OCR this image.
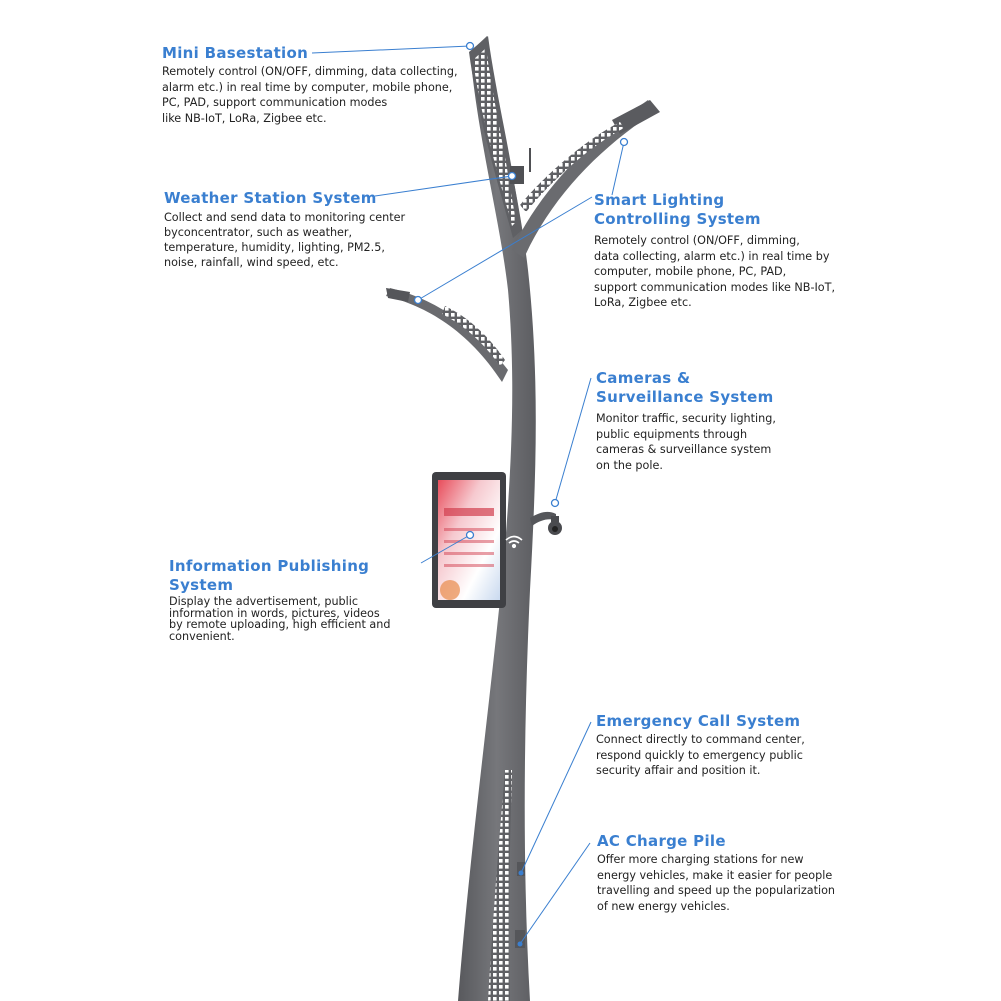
Mini Basestation

Remotely control (ON/OFF, dimming, data collecting,
alarm etc.) in real time by computer, mobile phone,
PC, PAD, support communication modes
like NB-IoT, LoRa, Zigbee etc.

Weather Station System

Collect and send data to monitoring center
byconcentrator, such as weather,
temperature, humidity, lighting, PM2.5,
noise, rainfall, wind speed, etc.

Smart Lighting
Controlling System

Remotely control (ON/OFF, dimming,
data collecting, alarm etc.) in real time by
computer, mobile phone, PC, PAD,
support communication modes like NB-IoT,
LoRa, Zigbee etc.

Cameras &
Surveillance System

Monitor traffic, security lighting,
public equipments through
cameras & surveillance system
on the pole.

Information Publishing System

Display the advertisement, public
information in words, pictures, videos
by remote uploading, high efficient and
convenient.

Emergency Call System

Connect directly to command center,
respond quickly to emergency public
security affair and position it.

AC Charge Pile

Offer more charging stations for new
energy vehicles, make it easier for people
travelling and speed up the popularization
of new energy vehicles.
